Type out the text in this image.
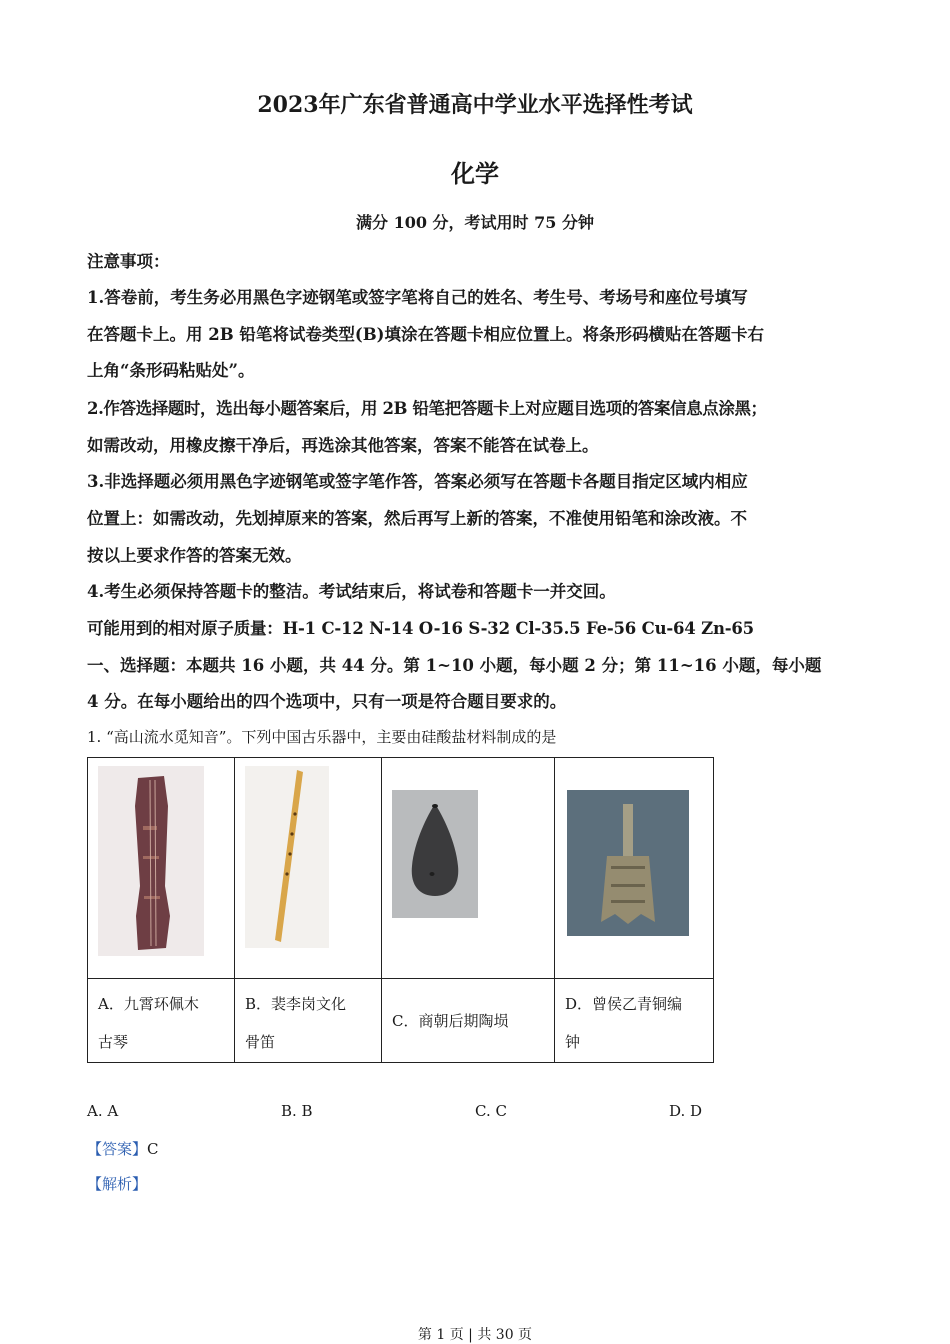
2023年广东省普通高中学业水平选择性考试
化学
满分 100 分，考试用时 75 分钟
注意事项：
1.答卷前，考生务必用黑色字迹钢笔或签字笔将自己的姓名、考生号、考场号和座位号填写
在答题卡上。用 2B 铅笔将试卷类型(B)填涂在答题卡相应位置上。将条形码横贴在答题卡右
上角“条形码粘贴处”。
2.作答选择题时，选出每小题答案后，用 2B 铅笔把答题卡上对应题目选项的答案信息点涂黑；
如需改动，用橡皮擦干净后，再选涂其他答案，答案不能答在试卷上。
3.非选择题必须用黑色字迹钢笔或签字笔作答，答案必须写在答题卡各题目指定区域内相应
位置上：如需改动，先划掉原来的答案，然后再写上新的答案，不准使用铅笔和涂改液。不
按以上要求作答的答案无效。
4.考生必须保持答题卡的整洁。考试结束后，将试卷和答题卡一并交回。
可能用到的相对原子质量：H-1 C-12 N-14 O-16 S-32 Cl-35.5 Fe-56 Cu-64 Zn-65
一、选择题：本题共 16 小题，共 44 分。第 1~10 小题，每小题 2 分；第 11~16 小题，每小题
4 分。在每小题给出的四个选项中，只有一项是符合题目要求的。
1. “高山流水觅知音”。下列中国古乐器中，主要由硅酸盐材料制成的是

A．九霄环佩木
古琴	B．裴李岗文化
骨笛	C．商朝后期陶埙	D．曾侯乙青铜编
钟
A. A	B. B	C. C	D. D
【答案】C
【解析】
第 1 页 | 共 30 页
